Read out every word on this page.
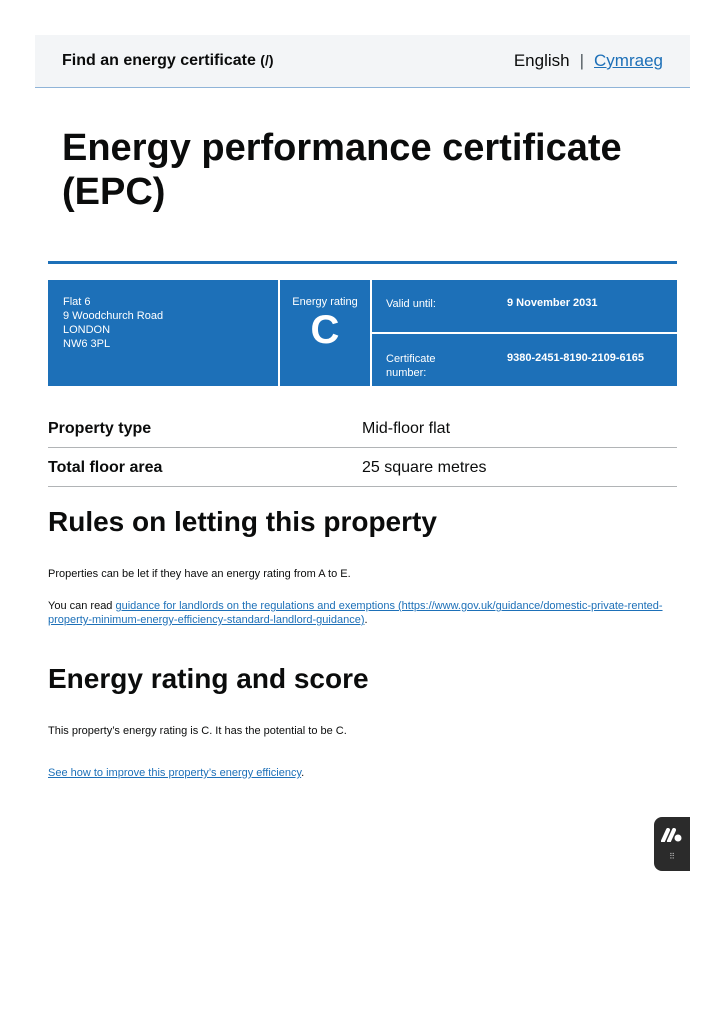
Find an energy certificate (/)	English | Cymraeg
Energy performance certificate (EPC)
Flat 6
9 Woodchurch Road
LONDON
NW6 3PL
Energy rating
C
Valid until:	9 November 2031
Certificate number:
9380-2451-8190-2109-6165
Property type	Mid-floor flat
Total floor area	25 square metres
Rules on letting this property

Properties can be let if they have an energy rating from A to E.

You can read guidance for landlords on the regulations and exemptions (https://www.gov.uk/guidance/domestic-private-rented-property-minimum-energy-efficiency-standard-landlord-guidance).

Energy rating and score

This property’s energy rating is C. It has the potential to be C.

See how to improve this property’s energy efficiency.

⠿
